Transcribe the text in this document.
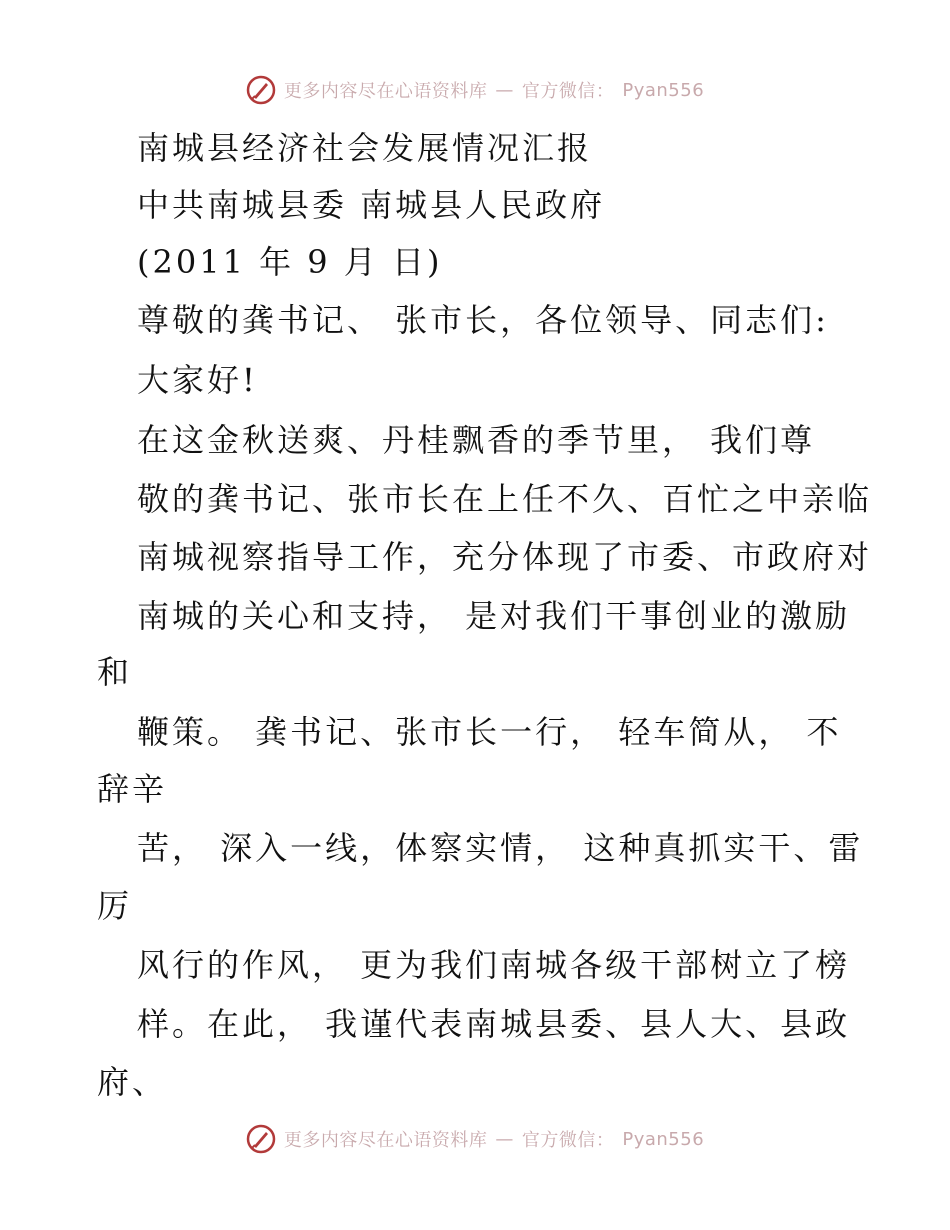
更多内容尽在心语资料库 — 官方微信： Pyan556
南城县经济社会发展情况汇报
中共南城县委 南城县人民政府
(2011 年 9 月 日)
尊敬的龚书记、 张市长，各位领导、同志们:
大家好!
在这金秋送爽、丹桂飘香的季节里， 我们尊
敬的龚书记、张市长在上任不久、百忙之中亲临
南城视察指导工作，充分体现了市委、市政府对
南城的关心和支持， 是对我们干事创业的激励
和
鞭策。 龚书记、张市长一行， 轻车简从， 不
辞辛
苦， 深入一线，体察实情， 这种真抓实干、雷
厉
风行的作风， 更为我们南城各级干部树立了榜
样。在此， 我谨代表南城县委、县人大、县政
府、
更多内容尽在心语资料库 — 官方微信： Pyan556
